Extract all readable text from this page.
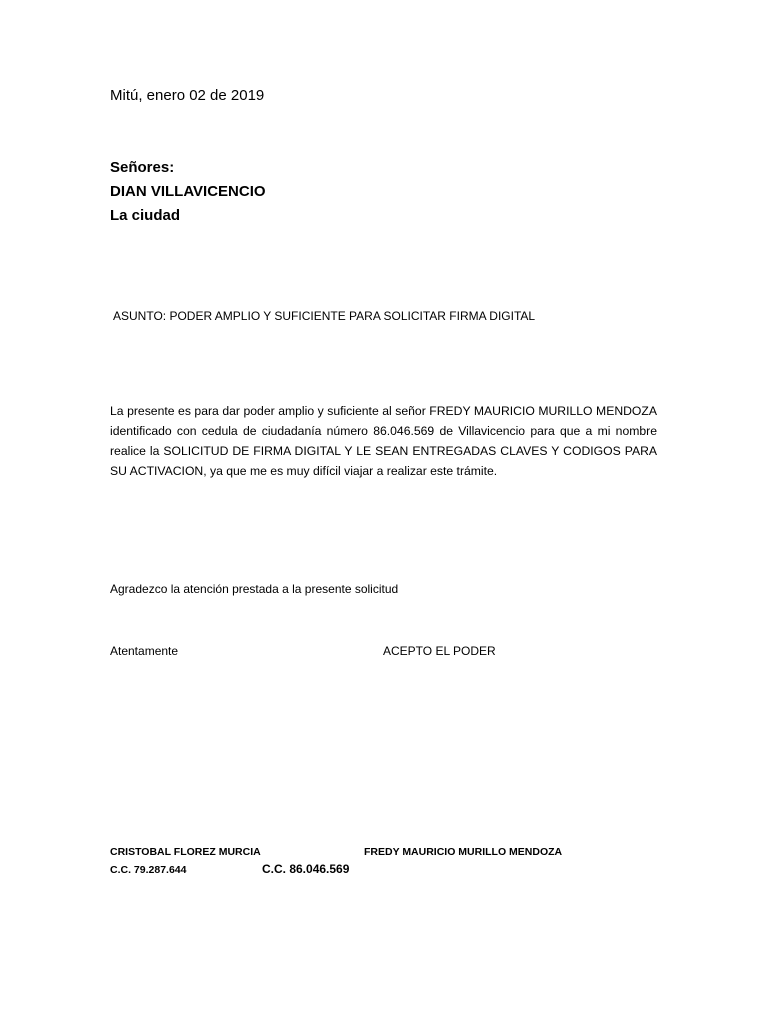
Mitú, enero 02 de 2019
Señores:
DIAN VILLAVICENCIO
La ciudad
ASUNTO: PODER AMPLIO Y SUFICIENTE PARA SOLICITAR FIRMA DIGITAL
La presente es para dar poder amplio y suficiente al señor FREDY MAURICIO MURILLO MENDOZA identificado con cedula de ciudadanía número 86.046.569 de Villavicencio para que a mi nombre realice la SOLICITUD DE FIRMA DIGITAL Y LE SEAN ENTREGADAS CLAVES Y CODIGOS PARA SU ACTIVACION, ya que me es muy difícil viajar a realizar este trámite.
Agradezco la atención prestada a la presente solicitud
Atentamente	ACEPTO EL PODER
CRISTOBAL FLOREZ MURCIA	FREDY MAURICIO MURILLO MENDOZA
C.C. 79.287.644	C.C. 86.046.569
